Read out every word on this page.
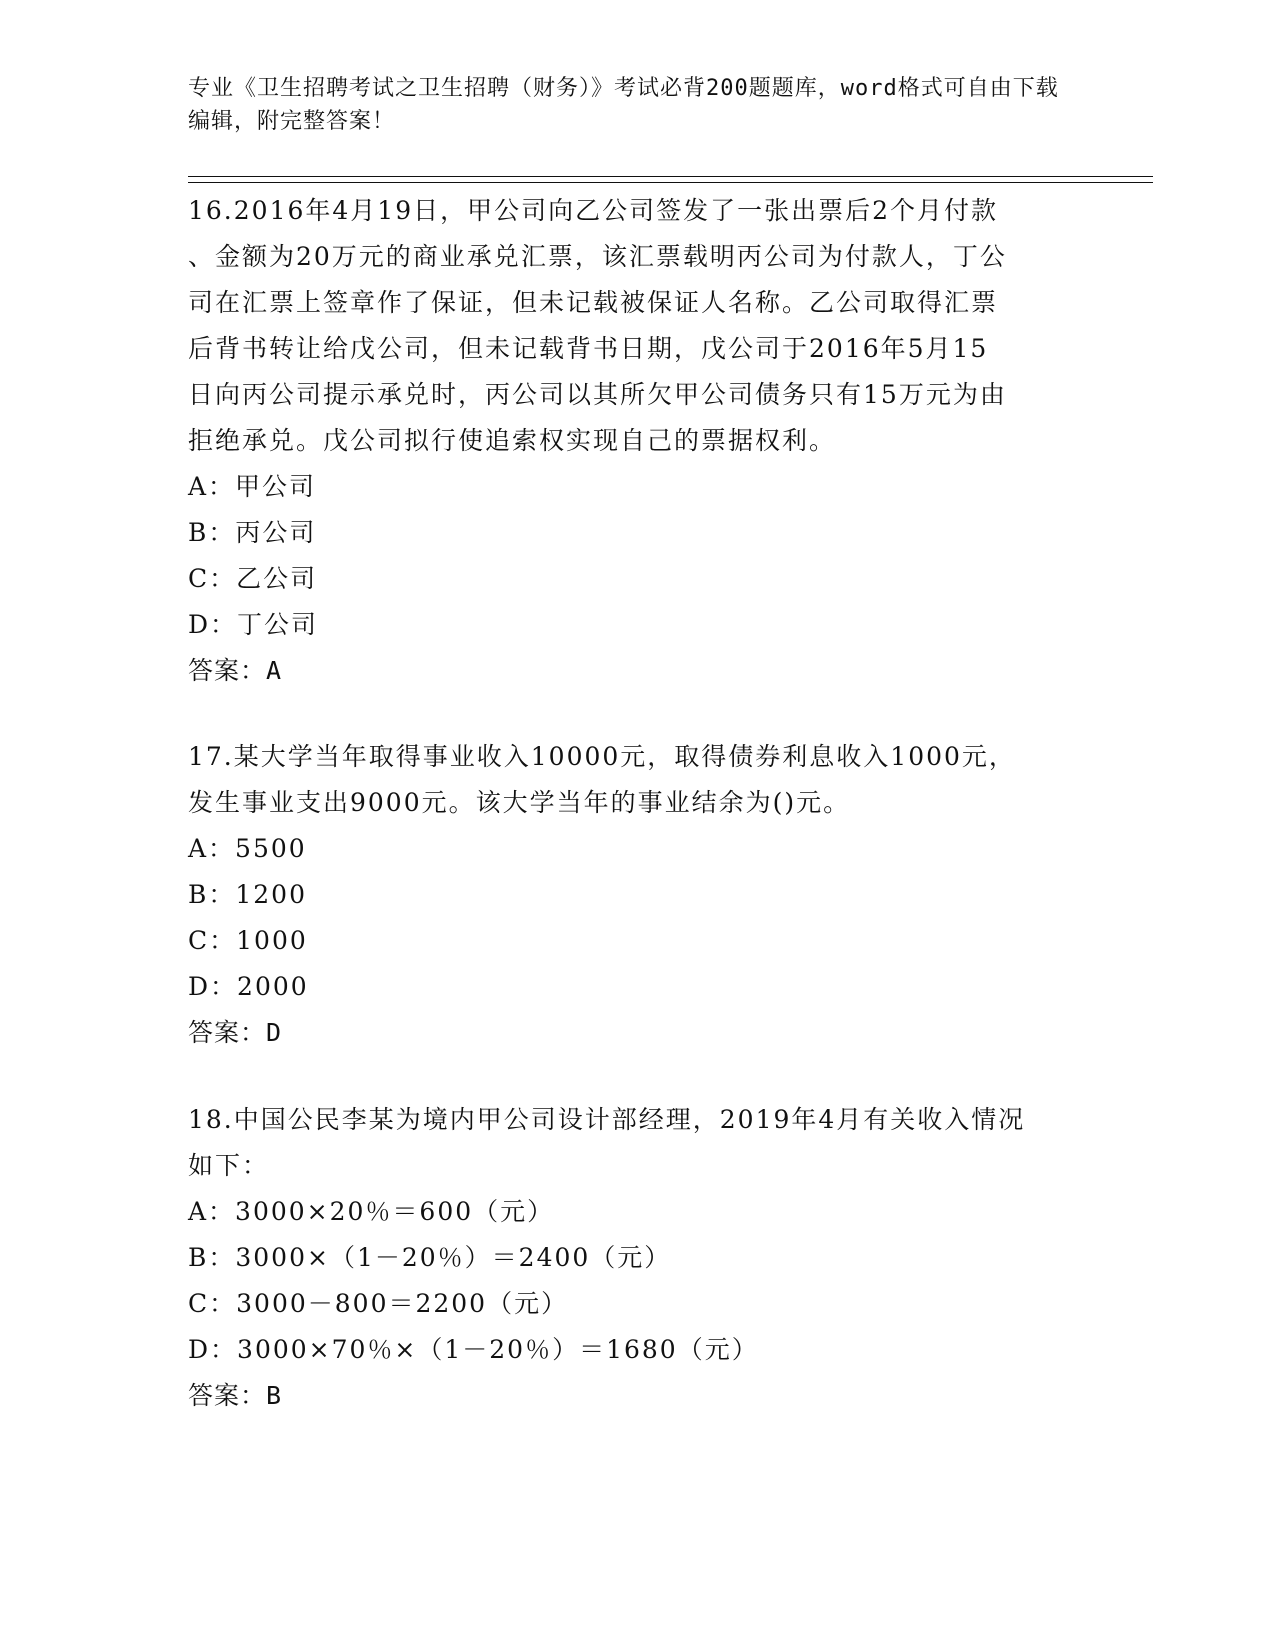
专业《卫生招聘考试之卫生招聘（财务）》考试必背200题题库，word格式可自由下载编辑，附完整答案！
16.2016年4月19日，甲公司向乙公司签发了一张出票后2个月付款
、金额为20万元的商业承兑汇票，该汇票载明丙公司为付款人，丁公
司在汇票上签章作了保证，但未记载被保证人名称。乙公司取得汇票
后背书转让给戊公司，但未记载背书日期，戊公司于2016年5月15
日向丙公司提示承兑时，丙公司以其所欠甲公司债务只有15万元为由
拒绝承兑。戊公司拟行使追索权实现自己的票据权利。
A：甲公司
B：丙公司
C：乙公司
D：丁公司
答案：A
17.某大学当年取得事业收入10000元，取得债券利息收入1000元，
发生事业支出9000元。该大学当年的事业结余为()元。
A：5500
B：1200
C：1000
D：2000
答案：D
18.中国公民李某为境内甲公司设计部经理，2019年4月有关收入情况
如下：
A：3000×20％＝600（元）
B：3000×（1－20％）＝2400（元）
C：3000－800＝2200（元）
D：3000×70％×（1－20％）＝1680（元）
答案：B
